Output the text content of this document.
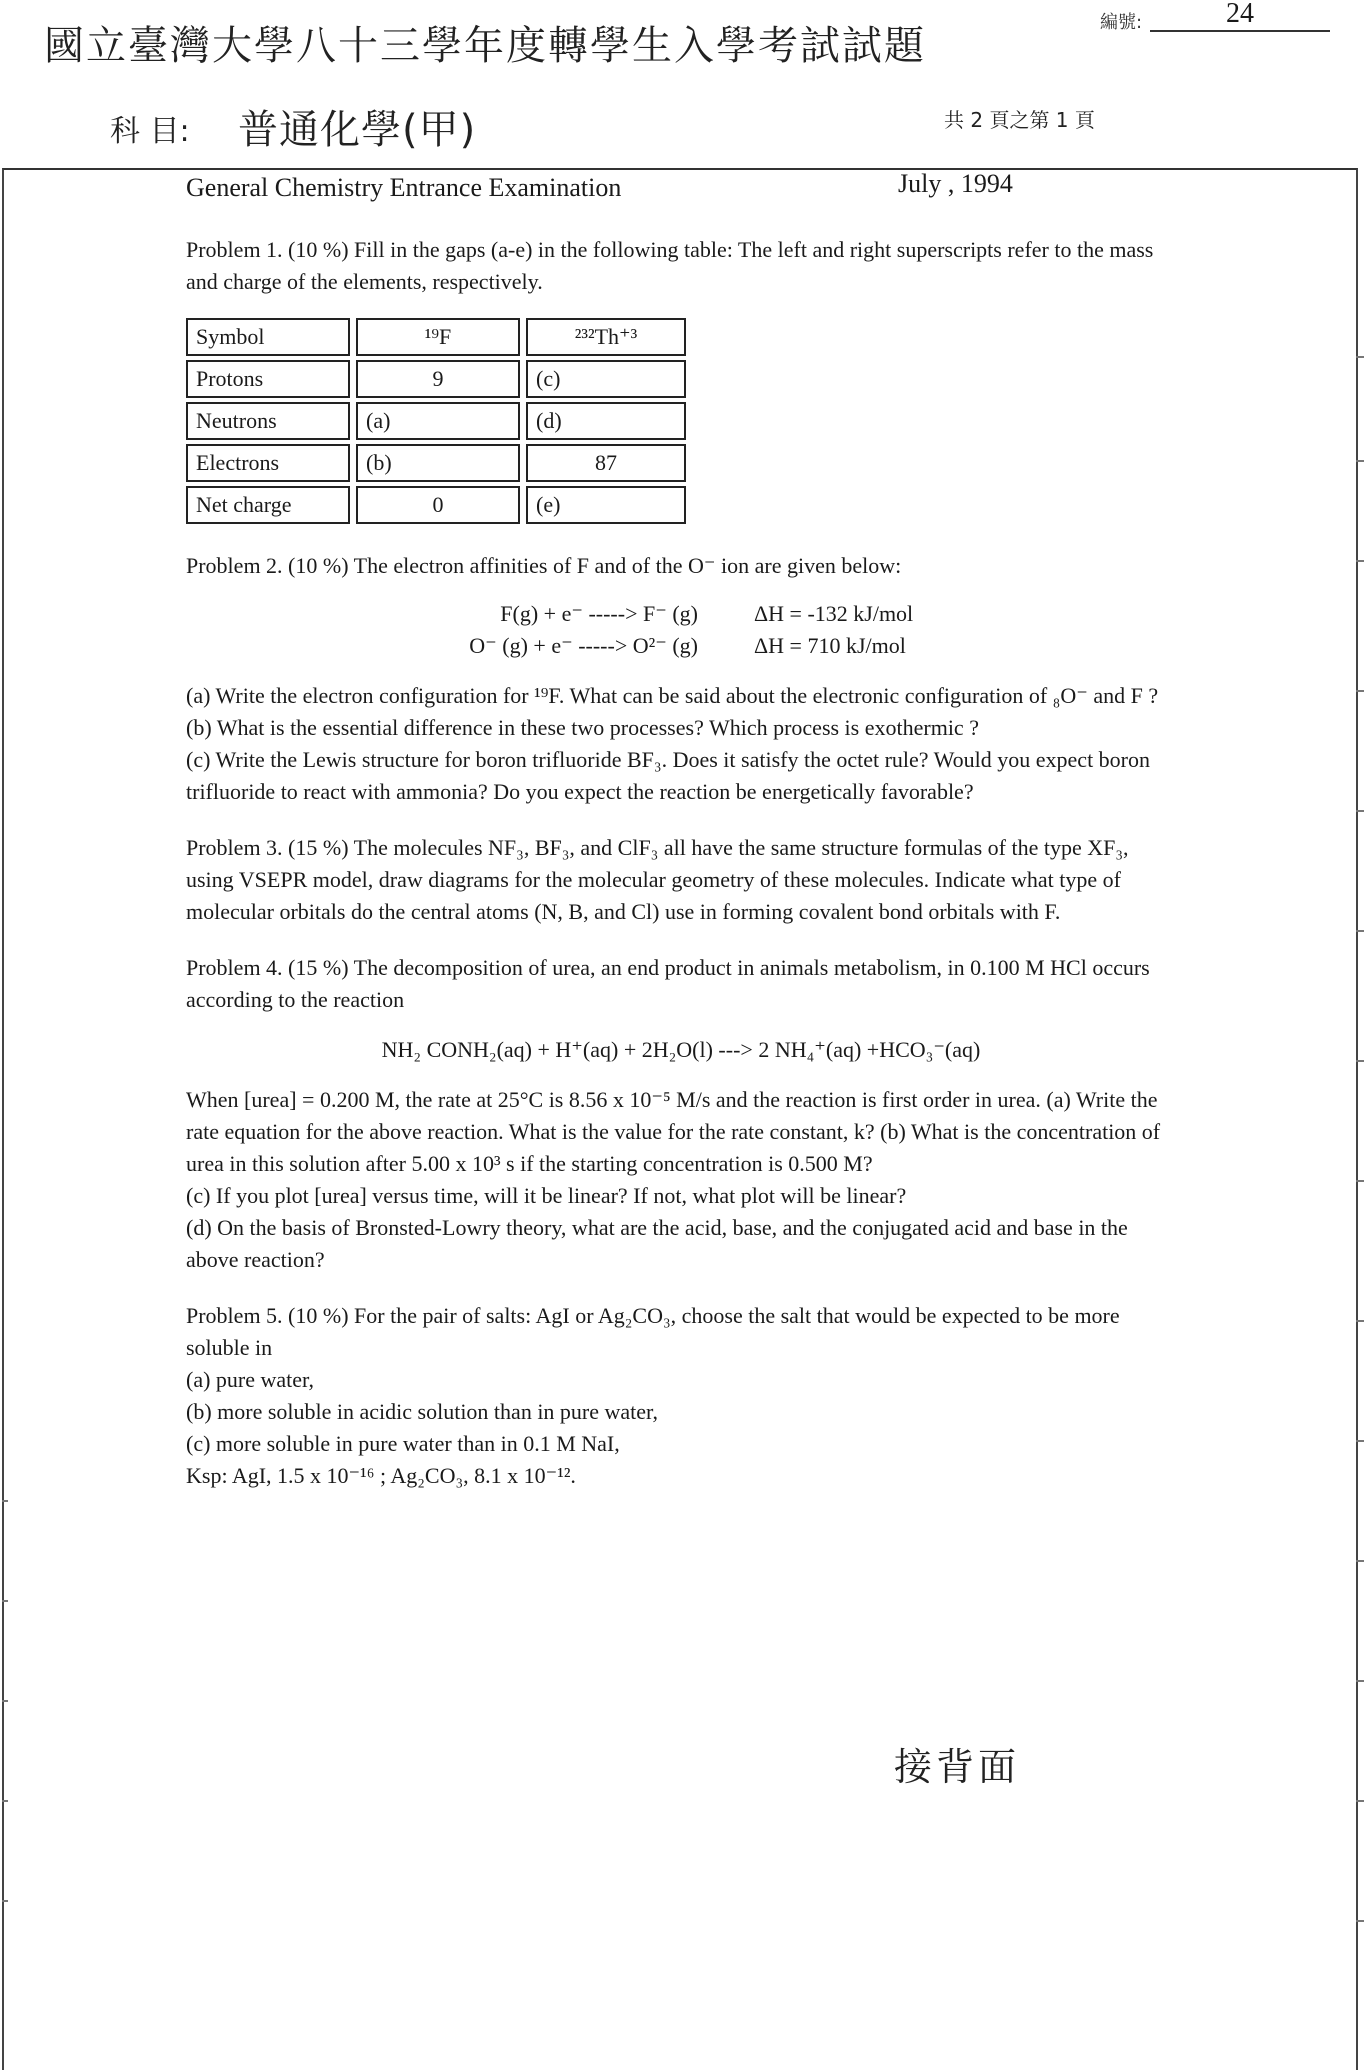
國立臺灣大學八十三學年度轉學生入學考試試題
編號:	24
科 目: 普通化學(甲)	共 2 頁之第 1 頁
General Chemistry Entrance Examination	July , 1994

Problem 1. (10 %) Fill in the gaps (a-e) in the following table: The left and right superscripts refer to the mass and charge of the elements, respectively.

Symbol	¹⁹F	²³²Th⁺³
Protons	9	(c)
Neutrons	(a)	(d)
Electrons	(b)	87
Net charge	0	(e)

Problem 2. (10 %) The electron affinities of F and of the O⁻ ion are given below:

F(g) + e⁻ -----> F⁻ (g)	ΔH = -132 kJ/mol
O⁻ (g) + e⁻ -----> O²⁻ (g)	ΔH = 710 kJ/mol

(a) Write the electron configuration for ¹⁹F. What can be said about the electronic configuration of ₈O⁻ and F ?

(b) What is the essential difference in these two processes? Which process is exothermic ?

(c) Write the Lewis structure for boron trifluoride BF₃. Does it satisfy the octet rule? Would you expect boron trifluoride to react with ammonia? Do you expect the reaction be energetically favorable?

Problem 3. (15 %) The molecules NF₃, BF₃, and ClF₃ all have the same structure formulas of the type XF₃, using VSEPR model, draw diagrams for the molecular geometry of these molecules. Indicate what type of molecular orbitals do the central atoms (N, B, and Cl) use in forming covalent bond orbitals with F.

Problem 4. (15 %) The decomposition of urea, an end product in animals metabolism, in 0.100 M HCl occurs according to the reaction

NH₂ CONH₂(aq) + H⁺(aq) + 2H₂O(l) ---> 2 NH₄⁺(aq) +HCO₃⁻(aq)

When [urea] = 0.200 M, the rate at 25°C is 8.56 x 10⁻⁵ M/s and the reaction is first order in urea. (a) Write the rate equation for the above reaction. What is the value for the rate constant, k? (b) What is the concentration of urea in this solution after 5.00 x 10³ s if the starting concentration is 0.500 M?

(c) If you plot [urea] versus time, will it be linear? If not, what plot will be linear?

(d) On the basis of Bronsted-Lowry theory, what are the acid, base, and the conjugated acid and base in the above reaction?

Problem 5. (10 %) For the pair of salts: AgI or Ag₂CO₃, choose the salt that would be expected to be more soluble in

(a) pure water,

(b) more soluble in acidic solution than in pure water,

(c) more soluble in pure water than in 0.1 M NaI,

Ksp: AgI, 1.5 x 10⁻¹⁶ ; Ag₂CO₃, 8.1 x 10⁻¹².

接背面
